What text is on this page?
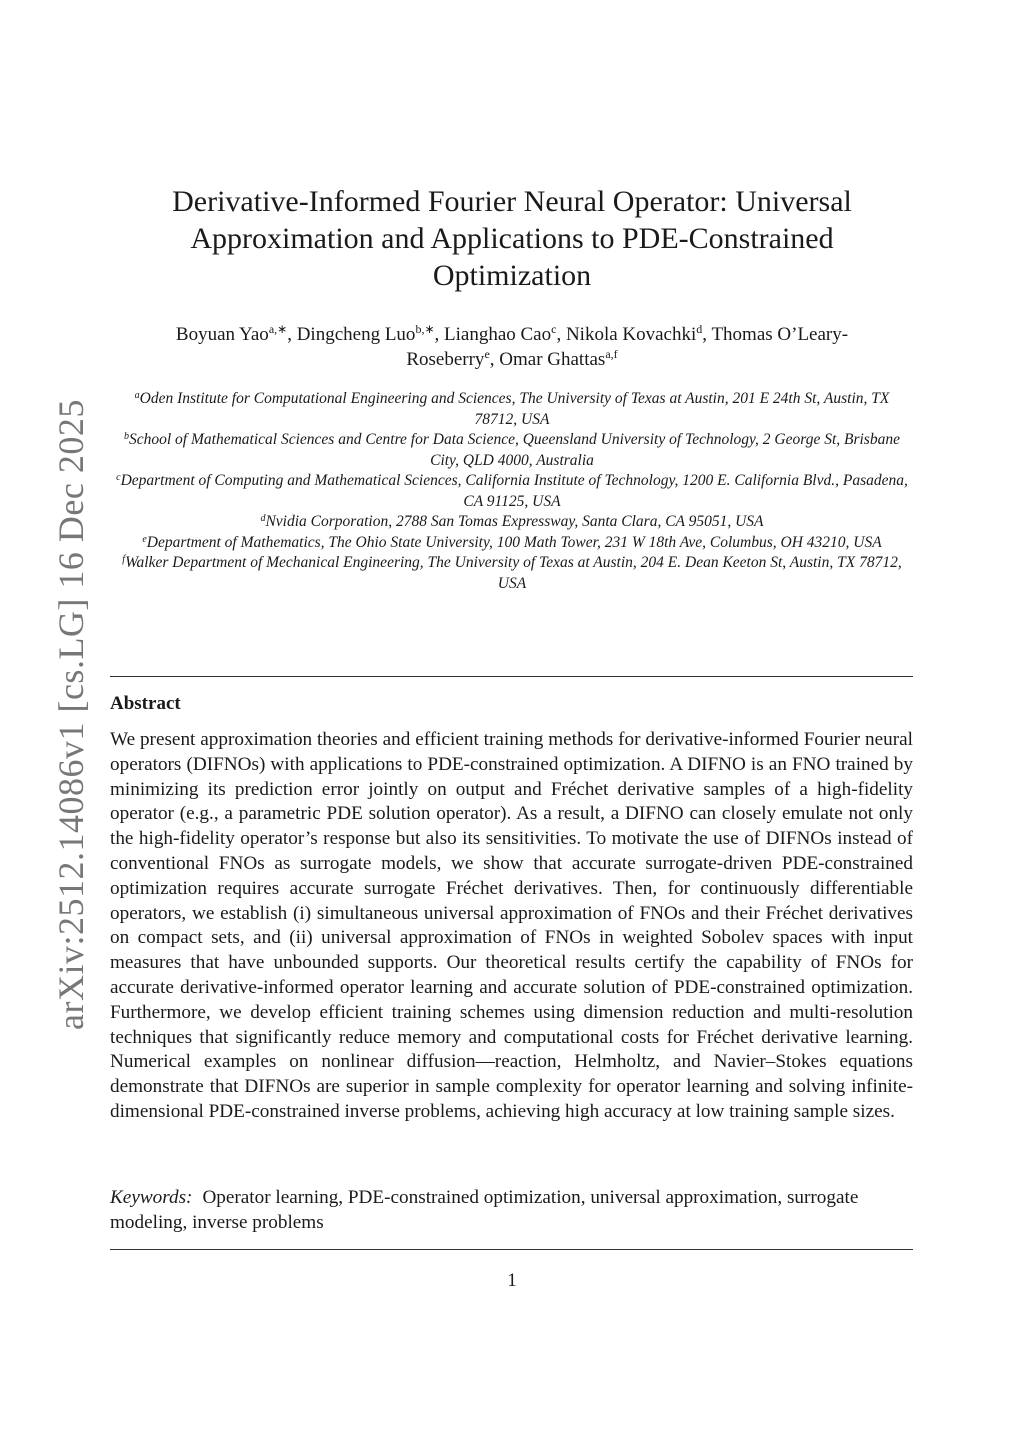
arXiv:2512.14086v1 [cs.LG] 16 Dec 2025
Derivative-Informed Fourier Neural Operator: Universal Approximation and Applications to PDE-Constrained Optimization
Boyuan Yao$^{a,∗}$, Dingcheng Luo$^{b,∗}$, Lianghao Cao$^c$, Nikola Kovachki$^d$, Thomas O’Leary-Roseberry$^e$, Omar Ghattas$^{a,f}$
$^a$Oden Institute for Computational Engineering and Sciences, The University of Texas at Austin, 201 E 24th St, Austin, TX 78712, USA
$^b$School of Mathematical Sciences and Centre for Data Science, Queensland University of Technology, 2 George St, Brisbane City, QLD 4000, Australia
$^c$Department of Computing and Mathematical Sciences, California Institute of Technology, 1200 E. California Blvd., Pasadena, CA 91125, USA
$^d$Nvidia Corporation, 2788 San Tomas Expressway, Santa Clara, CA 95051, USA
$^e$Department of Mathematics, The Ohio State University, 100 Math Tower, 231 W 18th Ave, Columbus, OH 43210, USA
$^f$Walker Department of Mechanical Engineering, The University of Texas at Austin, 204 E. Dean Keeton St, Austin, TX 78712, USA
Abstract
We present approximation theories and efficient training methods for derivative-informed Fourier neural operators (DIFNOs) with applications to PDE-constrained optimization. A DIFNO is an FNO trained by minimizing its prediction error jointly on output and Fréchet derivative samples of a high-fidelity operator (e.g., a parametric PDE solution operator). As a result, a DIFNO can closely emulate not only the high-fidelity operator’s response but also its sensitivities. To motivate the use of DIFNOs instead of conventional FNOs as surrogate models, we show that accurate surrogate-driven PDE-constrained optimization requires accurate surrogate Fréchet derivatives. Then, for continuously differentiable operators, we establish (i) simultaneous universal approximation of FNOs and their Fréchet derivatives on compact sets, and (ii) universal approximation of FNOs in weighted Sobolev spaces with input measures that have unbounded supports. Our theoretical results certify the capability of FNOs for accurate derivative-informed operator learning and accurate solution of PDE-constrained optimization. Furthermore, we develop efficient training schemes using dimension reduction and multi-resolution techniques that significantly reduce memory and computational costs for Fréchet derivative learning. Numerical examples on nonlinear diffusion—reaction, Helmholtz, and Navier–Stokes equations demonstrate that DIFNOs are superior in sample complexity for operator learning and solving infinite-dimensional PDE-constrained inverse problems, achieving high accuracy at low training sample sizes.
Keywords: Operator learning, PDE-constrained optimization, universal approximation, surrogate modeling, inverse problems
1
